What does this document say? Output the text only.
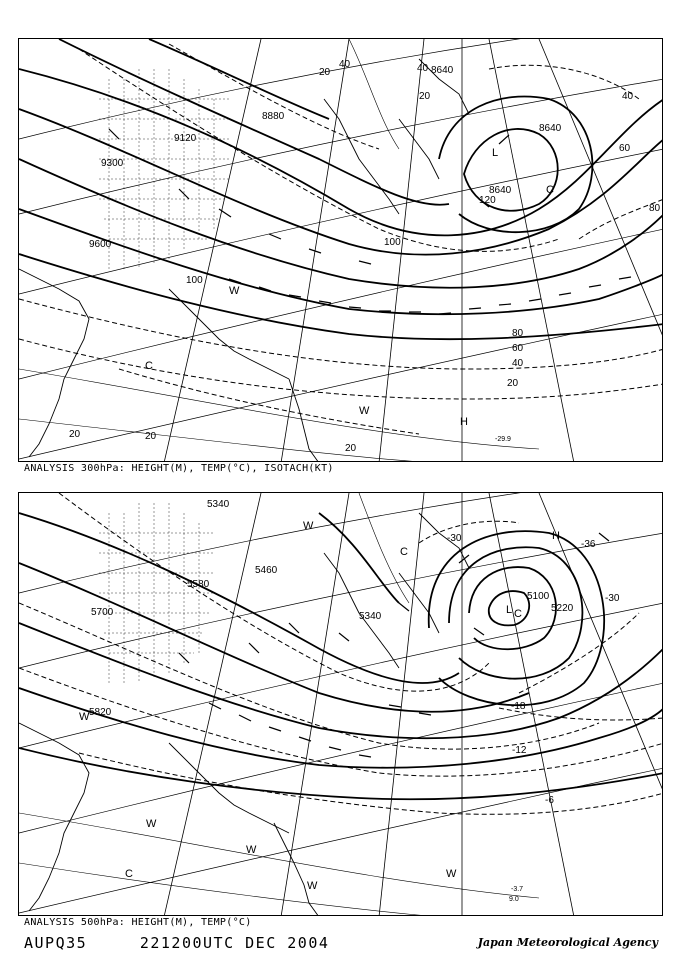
9120
9300
9600
8880
8640
8640
8640
20
20
40	40
40
60
80
80
60
40
20
20	20
20
100
100
120
L
C
C
W
W
H
-29.9
ANALYSIS 300hPa: HEIGHT(M), TEMP(°C), ISOTACH(KT)
5340
5460
5580
5700
5820
5340
5100
5220
-30
-36
-30
-18
-12
-6
L
C
C
H
W
W
W
W
W
C	W
-3.7
9.0
ANALYSIS 500hPa: HEIGHT(M), TEMP(°C)
AUPQ35	221200UTC DEC 2004	Japan Meteorological Agency
